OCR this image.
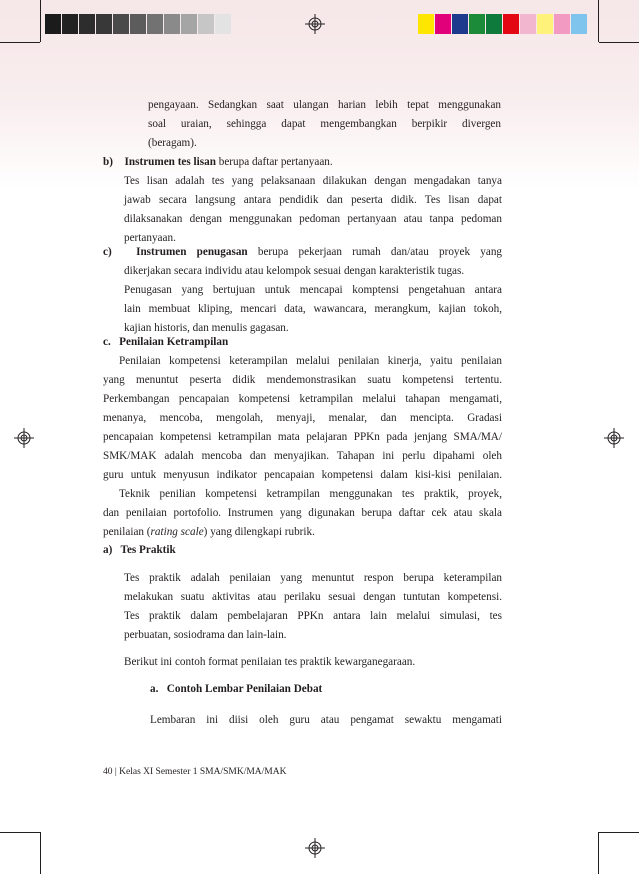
pengayaan. Sedangkan saat ulangan harian lebih tepat menggunakan
soal uraian, sehingga dapat mengembangkan berpikir divergen
(beragam).
b) Instrumen tes lisan berupa daftar pertanyaan.
Tes lisan adalah tes yang pelaksanaan dilakukan dengan mengadakan tanya
jawab secara langsung antara pendidik dan peserta didik. Tes lisan dapat
dilaksanakan dengan menggunakan pedoman pertanyaan atau tanpa pedoman
pertanyaan.
c) Instrumen penugasan berupa pekerjaan rumah dan/atau proyek yang
dikerjakan secara individu atau kelompok sesuai dengan karakteristik tugas.
Penugasan yang bertujuan untuk mencapai komptensi pengetahuan antara
lain membuat kliping, mencari data, wawancara, merangkum, kajian tokoh,
kajian historis, dan menulis gagasan.
c.   Penilaian Ketrampilan
Penilaian kompetensi keterampilan melalui penilaian kinerja, yaitu penilaian
yang menuntut peserta didik mendemonstrasikan suatu kompetensi tertentu.
Perkembangan pencapaian kompetensi ketrampilan melalui tahapan mengamati,
menanya, mencoba, mengolah, menyaji, menalar, dan mencipta. Gradasi
pencapaian kompetensi ketrampilan mata pelajaran PPKn pada jenjang SMA/MA/
SMK/MAK adalah mencoba dan menyajikan. Tahapan ini perlu dipahami oleh
guru untuk menyusun indikator pencapaian kompetensi dalam kisi-kisi penilaian.
Teknik penilian kompetensi ketrampilan menggunakan tes praktik, proyek,
dan penilaian portofolio. Instrumen yang digunakan berupa daftar cek atau skala
penilaian (rating scale) yang dilengkapi rubrik.
a)   Tes Praktik
Tes praktik adalah penilaian yang menuntut respon berupa keterampilan
melakukan suatu aktivitas atau perilaku sesuai dengan tuntutan kompetensi.
Tes praktik dalam pembelajaran PPKn antara lain melalui simulasi, tes
perbuatan, sosiodrama dan lain-lain.
Berikut ini contoh format penilaian tes praktik kewarganegaraan.
a.   Contoh Lembar Penilaian Debat
Lembaran ini diisi oleh guru atau pengamat sewaktu mengamati
40 | Kelas XI Semester 1 SMA/SMK/MA/MAK
